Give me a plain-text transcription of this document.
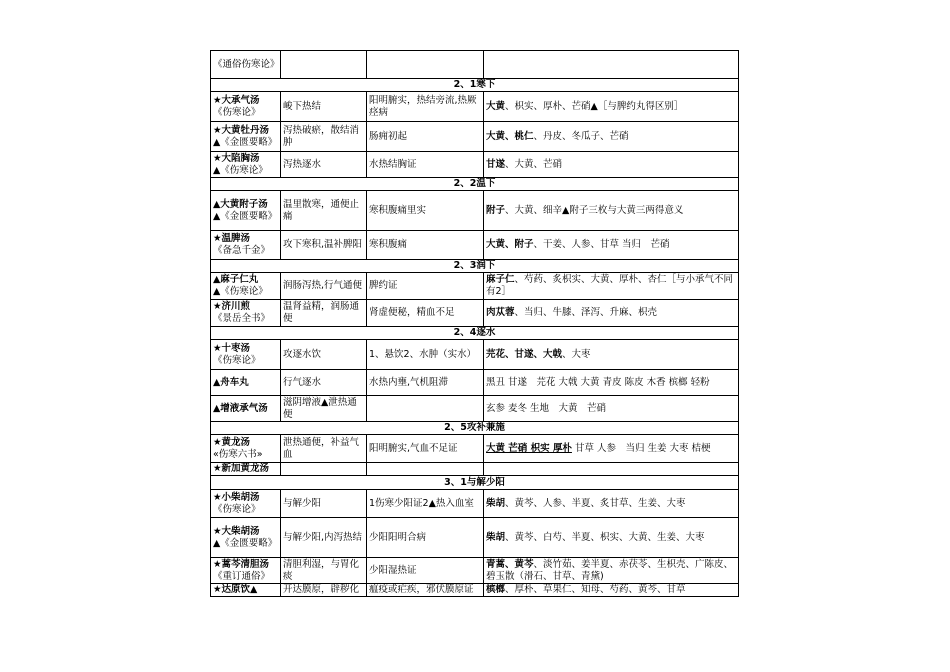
《通俗伤寒论》			

2、1寒下			

★大承气汤
《伤寒论》	峻下热结	阳明腑实，热结旁流,热厥痉病	大黄、枳实、厚朴、芒硝▲［与脾约丸得区别］

★大黄牡丹汤
▲《金匮要略》	泻热破瘀，散结消肿	肠痈初起	大黄、桃仁、丹皮、冬瓜子、芒硝

★大陷胸汤
▲《伤寒论》	泻热逐水	水热结胸证	甘遂、大黄、芒硝
2、2温下			

▲大黄附子汤
▲《金匮要略》	温里散寒，通便止痛	寒积腹痛里实	附子、大黄、细辛▲附子三枚与大黄三两得意义

★温脾汤
《备急千金》	攻下寒积,温补脾阳	寒积腹痛	大黄、附子、干姜、人参、甘草 当归　芒硝
2、3润下			

▲麻子仁丸
▲《伤寒论》	润肠泻热,行气通便	脾约证	麻子仁、芍药、炙枳实、大黄、厚朴、杏仁［与小承气不同有2］

★济川煎
《景岳全书》	温肾益精，润肠通便	肾虚便秘，精血不足	肉苁蓉、当归、牛膝、泽泻、升麻、枳壳
2、4逐水			

★十枣汤
《伤寒论》	攻逐水饮	1、悬饮2、水肿（实水）	芫花、甘遂、大戟、大枣

▲舟车丸	行气逐水	水热内壅,气机阻滞	黑丑 甘遂　芫花 大戟 大黄 青皮 陈皮 木香 槟榔 轻粉

▲增液承气汤	滋阴增液▲泄热通便		玄参 麦冬 生地　大黄　芒硝
2、5攻补兼施			

★黄龙汤
«伤寒六书»	泄热通便，补益气血	阳明腑实,气血不足证	大黄 芒硝 枳实 厚朴 甘草 人参　当归 生姜 大枣 桔梗

★新加黄龙汤			

3、1与解少阳			

★小柴胡汤
《伤寒论》	与解少阳	1伤寒少阳证2▲热入血室	柴胡、黄芩、人参、半夏、炙甘草、生姜、大枣

★大柴胡汤
▲《金匮要略》	与解少阳,内泻热结	少阳阳明合病	柴胡、黄芩、白芍、半夏、枳实、大黄、生姜、大枣

★蒿芩清胆汤
《重订通俗》	清胆利湿，与胃化痰	少阳湿热证	青蒿、黄芩、淡竹茹、姜半夏、赤茯苓、生枳壳、广陈皮、碧玉散（滑石、甘草、青黛)

★达原饮▲	开达膜原，辟秽化	瘟疫或疟疾，邪伏膜原证	槟榔、厚朴、草果仁、知母、芍药、黄芩、甘草
